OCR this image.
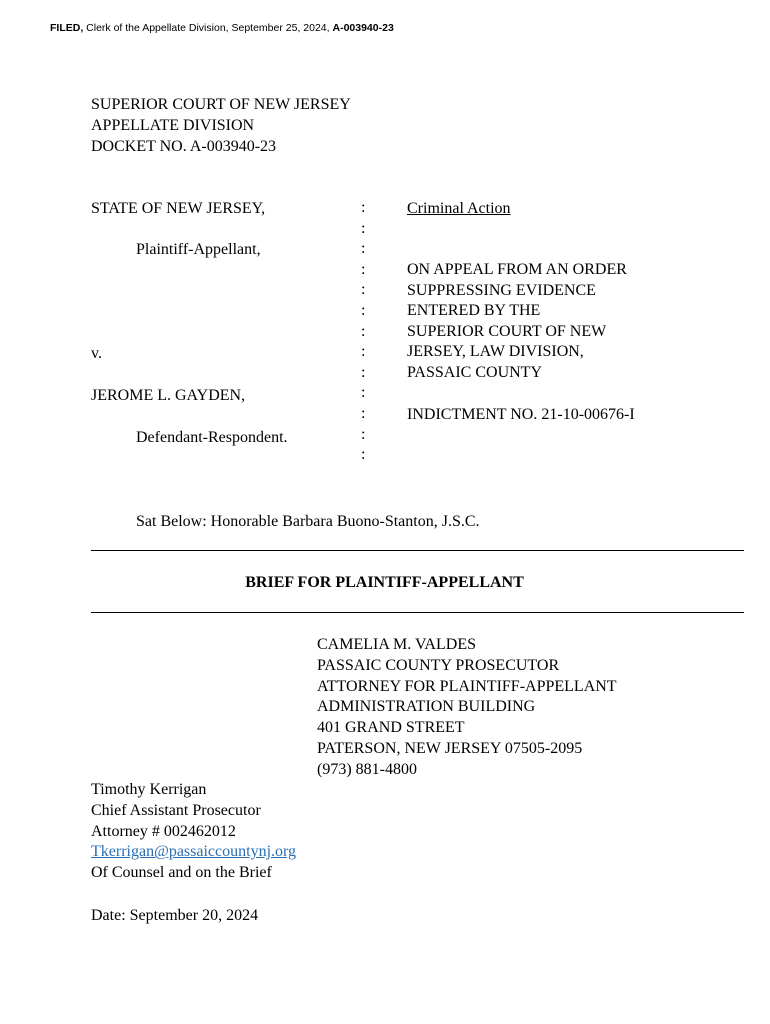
FILED, Clerk of the Appellate Division, September 25, 2024, A-003940-23
SUPERIOR COURT OF NEW JERSEY
APPELLATE DIVISION
DOCKET NO. A-003940-23
STATE OF NEW JERSEY,
Plaintiff-Appellant,
v.
JEROME L. GAYDEN,
Defendant-Respondent.
:
:
:
:
:
:
:
:
:
:
:
:
:
Criminal Action
ON APPEAL FROM AN ORDER
SUPPRESSING EVIDENCE
ENTERED BY THE
SUPERIOR COURT OF NEW
JERSEY, LAW DIVISION,
PASSAIC COUNTY
INDICTMENT NO. 21-10-00676-I
Sat Below: Honorable Barbara Buono-Stanton, J.S.C.
BRIEF FOR PLAINTIFF-APPELLANT
CAMELIA M. VALDES
PASSAIC COUNTY PROSECUTOR
ATTORNEY FOR PLAINTIFF-APPELLANT
ADMINISTRATION BUILDING
401 GRAND STREET
PATERSON, NEW JERSEY 07505-2095
(973) 881-4800
Timothy Kerrigan
Chief Assistant Prosecutor
Attorney # 002462012
Tkerrigan@passaiccountynj.org
Of Counsel and on the Brief
Date: September 20, 2024
